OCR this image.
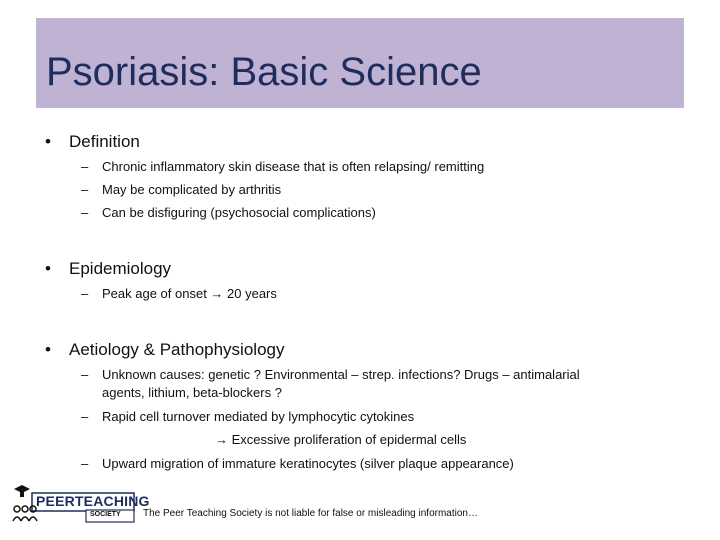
Psoriasis: Basic Science
• Definition
– Chronic inflammatory skin disease that is often relapsing/ remitting
– May be complicated by arthritis
– Can be disfiguring (psychosocial complications)
• Epidemiology
– Peak age of onset → 20 years
• Aetiology & Pathophysiology
– Unknown causes: genetic ? Environmental – strep. infections? Drugs – antimalarial
agents, lithium, beta-blockers ?
– Rapid cell turnover mediated by lymphocytic cytokines
→ Excessive proliferation of epidermal cells
– Upward migration of immature keratinocytes (silver plaque appearance)
PEERTEACHING
SOCIETY The Peer Teaching Society is not liable for false or misleading information…
